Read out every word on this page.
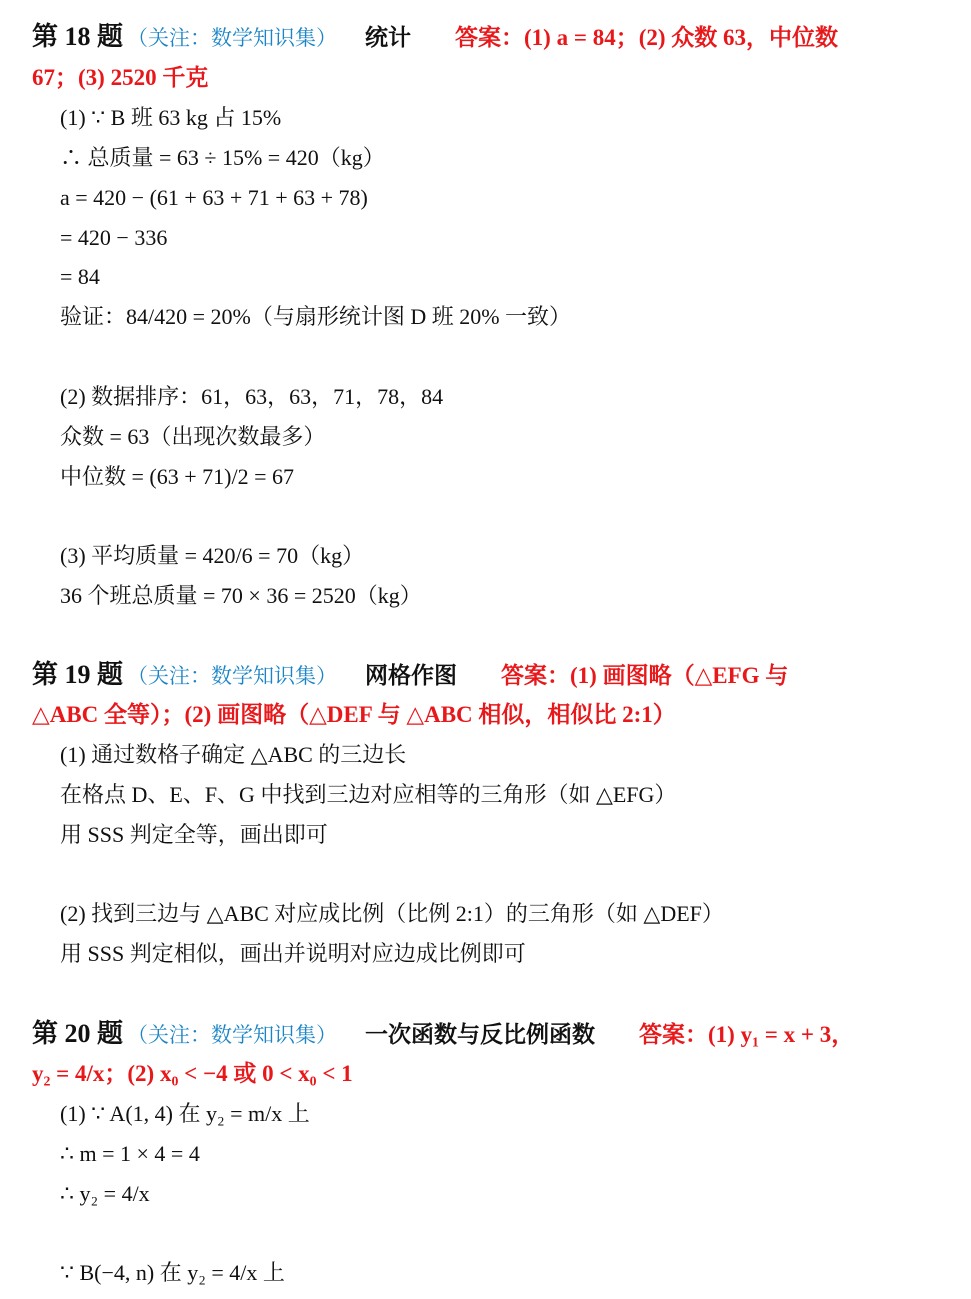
第 18 题 （关注：数学知识集） 统计 答案：(1) a = 84；(2) 众数 63，中位数
67；(3) 2520 千克
(1) ∵ B 班 63 kg 占 15%
∴ 总质量 = 63 ÷ 15% = 420（kg）
a = 420 − (61 + 63 + 71 + 63 + 78)
= 420 − 336
= 84
验证：84/420 = 20%（与扇形统计图 D 班 20% 一致）
(2) 数据排序：61，63，63，71，78，84
众数 = 63（出现次数最多）
中位数 = (63 + 71)/2 = 67
(3) 平均质量 = 420/6 = 70（kg）
36 个班总质量 = 70 × 36 = 2520（kg）
第 19 题 （关注：数学知识集） 网格作图 答案：(1) 画图略（△EFG 与
△ABC 全等）；(2) 画图略（△DEF 与 △ABC 相似，相似比 2:1）
(1) 通过数格子确定 △ABC 的三边长
在格点 D、E、F、G 中找到三边对应相等的三角形（如 △EFG）
用 SSS 判定全等，画出即可
(2) 找到三边与 △ABC 对应成比例（比例 2:1）的三角形（如 △DEF）
用 SSS 判定相似，画出并说明对应边成比例即可
第 20 题 （关注：数学知识集） 一次函数与反比例函数 答案：(1) y₁ = x + 3，
y₂ = 4/x；(2) x₀ < −4 或 0 < x₀ < 1
(1) ∵ A(1, 4) 在 y₂ = m/x 上
∴ m = 1 × 4 = 4
∴ y₂ = 4/x
∵ B(−4, n) 在 y₂ = 4/x 上
